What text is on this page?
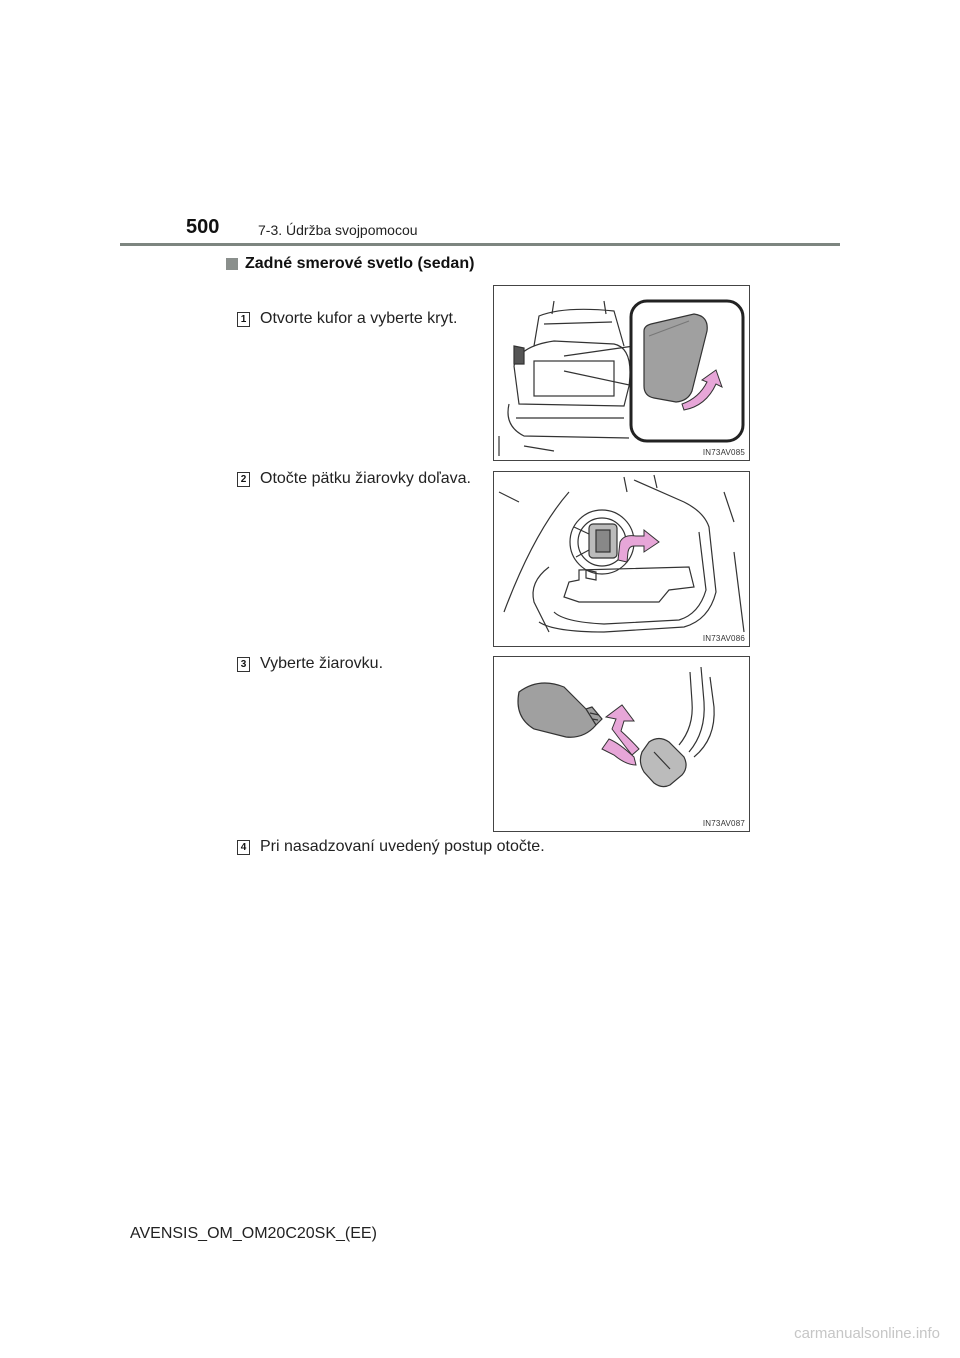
500	7-3. Údržba svojpomocou
Zadné smerové svetlo (sedan)
1 Otvorte kufor a vyberte kryt.
IN73AV085
2 Otočte pätku žiarovky doľava.
IN73AV086
3 Vyberte žiarovku.
IN73AV087
4 Pri nasadzovaní uvedený postup otočte.
AVENSIS_OM_OM20C20SK_(EE)
carmanualsonline.info
